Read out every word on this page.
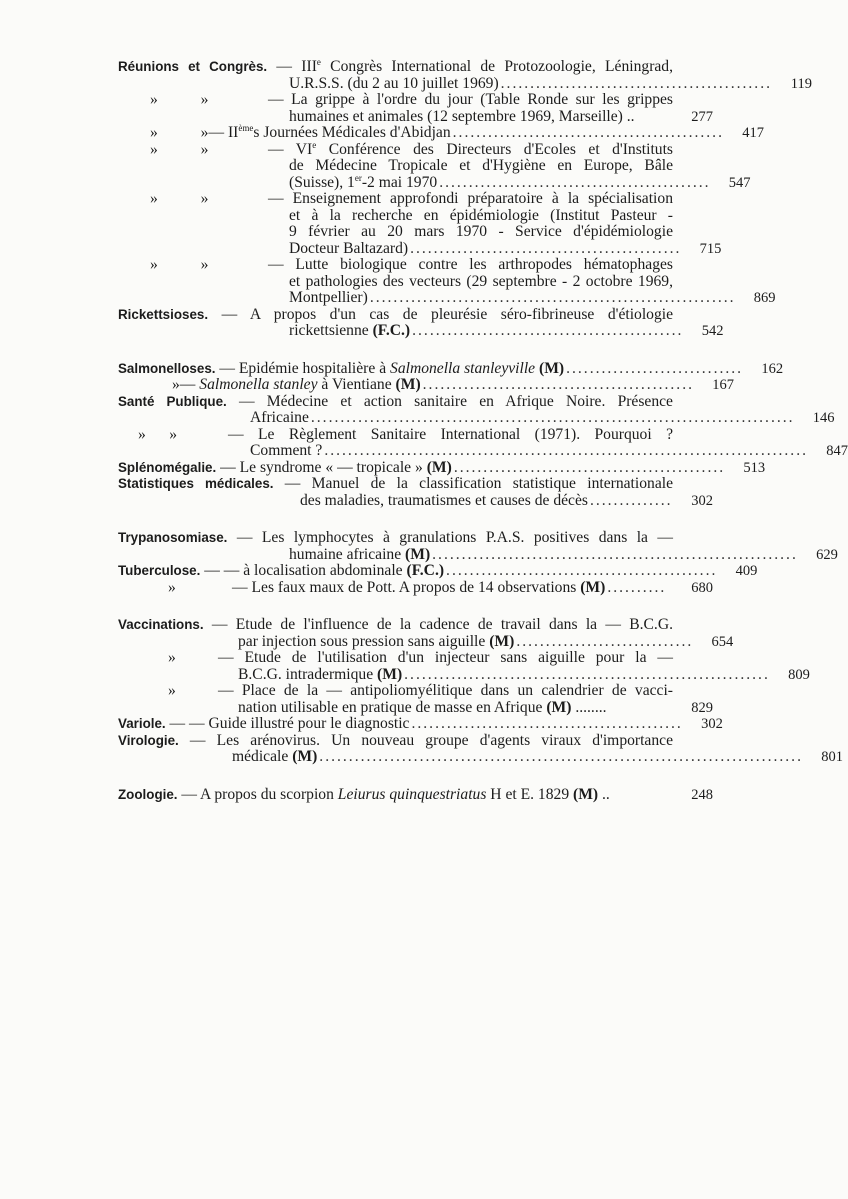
Réunions et Congrès. — IIIe Congrès International de Protozoologie, Léningrad,
U.R.S.S. (du 2 au 10 juillet 1969) ..............................................	119
»           »	— La grippe à l'ordre du jour (Table Ronde sur les grippes
humaines et animales (12 septembre 1969, Marseille) ..	277
»           » — IIèmes Journées Médicales d'Abidjan ..............................................	417
»           »	— VIe Conférence des Directeurs d'Ecoles et d'Instituts
de Médecine Tropicale et d'Hygiène en Europe, Bâle
(Suisse), 1er-2 mai 1970 ..............................................	547
»           »	— Enseignement approfondi préparatoire à la spécialisation
et à la recherche en épidémiologie (Institut Pasteur -
9 février au 20 mars 1970 - Service d'épidémiologie
Docteur Baltazard) ..............................................	715
»           »	— Lutte biologique contre les arthropodes hématophages
et pathologies des vecteurs (29 septembre - 2 octobre 1969,
Montpellier) ..............................................................	869
Rickettsioses. — A propos d'un cas de pleurésie séro-fibrineuse d'étiologie
rickettsienne (F.C.) ..............................................	542
Salmonelloses. — Epidémie hospitalière à Salmonella stanleyville (M) ..............................	162
» — Salmonella stanley à Vientiane (M) ..............................................	167
Santé Publique. — Médecine et action sanitaire en Afrique Noire. Présence
Africaine ..................................................................................	146
»      »	— Le Règlement Sanitaire International (1971). Pourquoi ?
Comment ? ..................................................................................	847
Splénomégalie. — Le syndrome « — tropicale » (M) ..............................................	513
Statistiques médicales. — Manuel de la classification statistique internationale
des maladies, traumatismes et causes de décès ..............	302
Trypanosomiase. — Les lymphocytes à granulations P.A.S. positives dans la —
humaine africaine (M) ..............................................................	629
Tuberculose. — — à localisation abdominale (F.C.) ..............................................	409
»	— Les faux maux de Pott. A propos de 14 observations (M) ..........	680
Vaccinations. — Etude de l'influence de la cadence de travail dans la — B.C.G.
par injection sous pression sans aiguille (M) ..............................	654
»	— Etude de l'utilisation d'un injecteur sans aiguille pour la —
B.C.G. intradermique (M) ..............................................................	809
»	— Place de la — antipoliomyélitique dans un calendrier de vacci-
nation utilisable en pratique de masse en Afrique (M) ........	829
Variole. — — Guide illustré pour le diagnostic ..............................................	302
Virologie. — Les arénovirus. Un nouveau groupe d'agents viraux d'importance
médicale (M) ..................................................................................	801
Zoologie. — A propos du scorpion Leiurus quinquestriatus H et E. 1829 (M) ..	248
